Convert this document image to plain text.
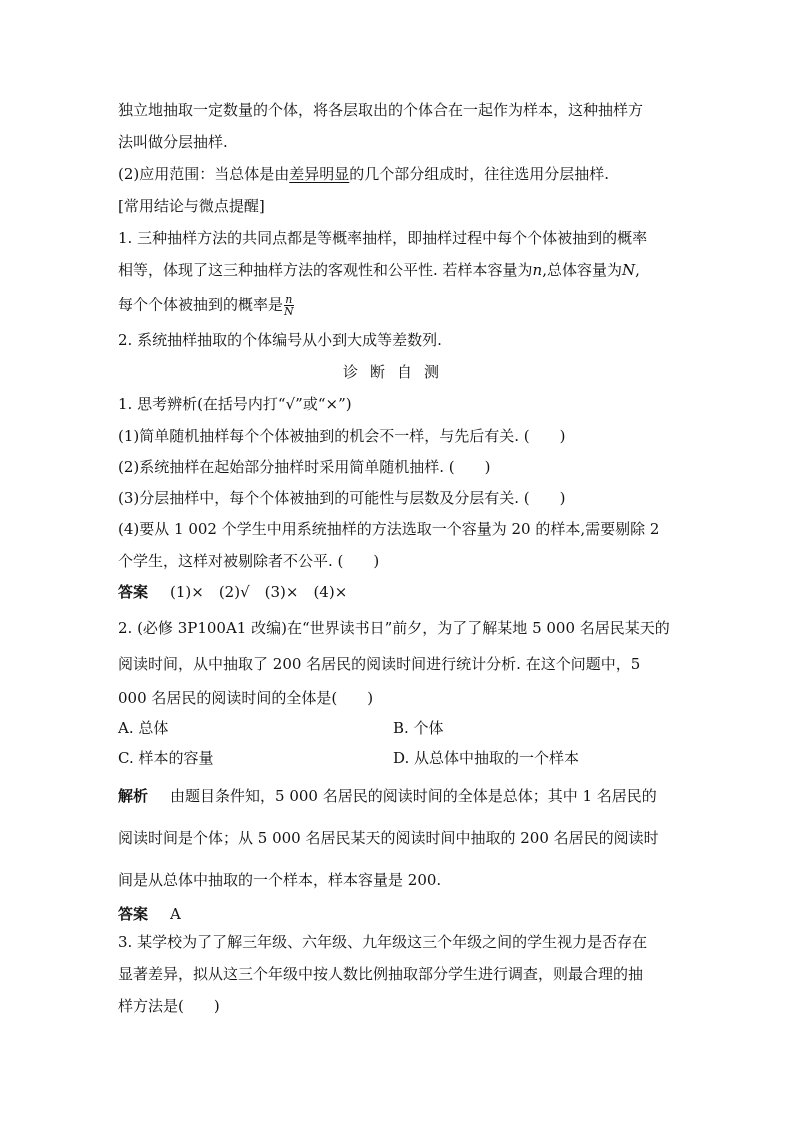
独立地抽取一定数量的个体，将各层取出的个体合在一起作为样本，这种抽样方
法叫做分层抽样.
(2)应用范围：当总体是由差异明显的几个部分组成时，往往选用分层抽样.
[常用结论与微点提醒]
1. 三种抽样方法的共同点都是等概率抽样，即抽样过程中每个个体被抽到的概率
相等，体现了这三种抽样方法的客观性和公平性. 若样本容量为n,总体容量为N,
每个个体被抽到的概率是 $\frac{n}{N}$
2. 系统抽样抽取的个体编号从小到大成等差数列.
诊断自测
1. 思考辨析(在括号内打“√”或“×”)
(1)简单随机抽样每个个体被抽到的机会不一样，与先后有关. (　　)
(2)系统抽样在起始部分抽样时采用简单随机抽样. (　　)
(3)分层抽样中，每个个体被抽到的可能性与层数及分层有关. (　　)
(4)要从 1 002 个学生中用系统抽样的方法选取一个容量为 20 的样本,需要剔除 2
个学生，这样对被剔除者不公平. (　　)
答案 (1)×　(2)√　(3)×　(4)×
2. (必修 3P100A1 改编)在“世界读书日”前夕，为了了解某地 5 000 名居民某天的
阅读时间，从中抽取了 200 名居民的阅读时间进行统计分析. 在这个问题中，5
000 名居民的阅读时间的全体是(　　)
A. 总体	B. 个体
C. 样本的容量	D. 从总体中抽取的一个样本
解析 由题目条件知，5 000 名居民的阅读时间的全体是总体；其中 1 名居民的
阅读时间是个体；从 5 000 名居民某天的阅读时间中抽取的 200 名居民的阅读时
间是从总体中抽取的一个样本，样本容量是 200.
答案 A
3. 某学校为了了解三年级、六年级、九年级这三个年级之间的学生视力是否存在
显著差异，拟从这三个年级中按人数比例抽取部分学生进行调查，则最合理的抽
样方法是(　　)
